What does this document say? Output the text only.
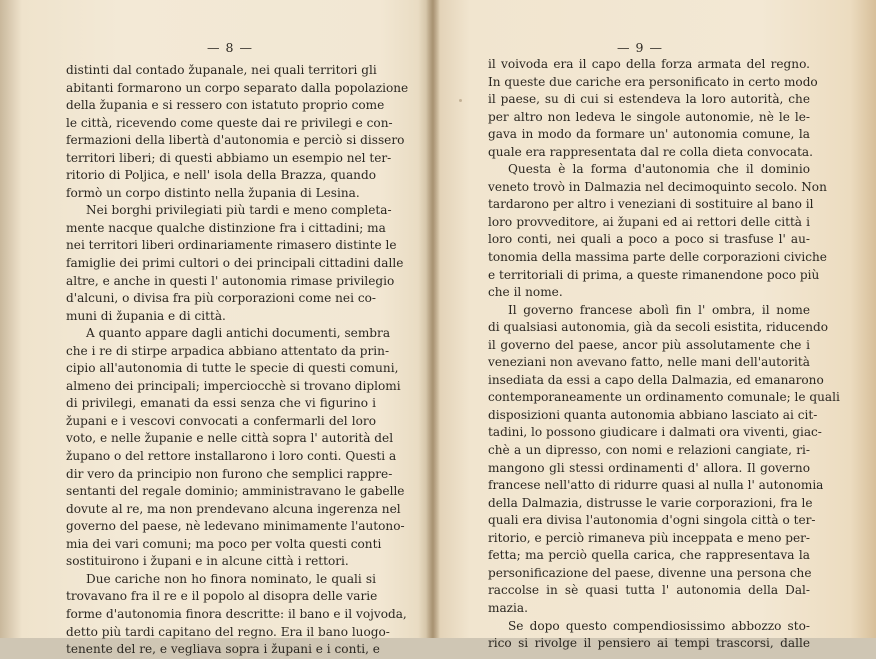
— 8 —
distinti dal contado županale, nei quali territori gli
abitanti formarono un corpo separato dalla popolazione
della župania e si ressero con istatuto proprio come
le città, ricevendo come queste dai re privilegi e con-
fermazioni della libertà d'autonomia e perciò si dissero
territori liberi; di questi abbiamo un esempio nel ter-
ritorio di Poljica, e nell' isola della Brazza, quando
formò un corpo distinto nella župania di Lesina.
Nei borghi privilegiati più tardi e meno completa-
mente nacque qualche distinzione fra i cittadini; ma
nei territori liberi ordinariamente rimasero distinte le
famiglie dei primi cultori o dei principali cittadini dalle
altre, e anche in questi l' autonomia rimase privilegio
d'alcuni, o divisa fra più corporazioni come nei co-
muni di župania e di città.
A quanto appare dagli antichi documenti, sembra
che i re di stirpe arpadica abbiano attentato da prin-
cipio all'autonomia di tutte le specie di questi comuni,
almeno dei principali; imperciocchè si trovano diplomi
di privilegi, emanati da essi senza che vi figurino i
župani e i vescovi convocati a confermarli del loro
voto, e nelle županie e nelle città sopra l' autorità del
župano o del rettore installarono i loro conti. Questi a
dir vero da principio non furono che semplici rappre-
sentanti del regale dominio; amministravano le gabelle
dovute al re, ma non prendevano alcuna ingerenza nel
governo del paese, nè ledevano minimamente l'autono-
mia dei vari comuni; ma poco per volta questi conti
sostituirono i župani e in alcune città i rettori.
Due cariche non ho finora nominato, le quali si
trovavano fra il re e il popolo al disopra delle varie
forme d'autonomia finora descritte: il bano e il vojvoda,
detto più tardi capitano del regno. Era il bano luogo-
tenente del re, e vegliava sopra i župani e i conti, e
— 9 —
il voivoda era il capo della forza armata del regno.
In queste due cariche era personificato in certo modo
il paese, su di cui si estendeva la loro autorità, che
per altro non ledeva le singole autonomie, nè le le-
gava in modo da formare un' autonomia comune, la
quale era rappresentata dal re colla dieta convocata.
Questa è la forma d'autonomia che il dominio
veneto trovò in Dalmazia nel decimoquinto secolo. Non
tardarono per altro i veneziani di sostituire al bano il
loro provveditore, ai župani ed ai rettori delle città i
loro conti, nei quali a poco a poco si trasfuse l' au-
tonomia della massima parte delle corporazioni civiche
e territoriali di prima, a queste rimanendone poco più
che il nome.
Il governo francese abolì fin l' ombra, il nome
di qualsiasi autonomia, già da secoli esistita, riducendo
il governo del paese, ancor più assolutamente che i
veneziani non avevano fatto, nelle mani dell'autorità
insediata da essi a capo della Dalmazia, ed emanarono
contemporaneamente un ordinamento comunale; le quali
disposizioni quanta autonomia abbiano lasciato ai cit-
tadini, lo possono giudicare i dalmati ora viventi, giac-
chè a un dipresso, con nomi e relazioni cangiate, ri-
mangono gli stessi ordinamenti d' allora. Il governo
francese nell'atto di ridurre quasi al nulla l' autonomia
della Dalmazia, distrusse le varie corporazioni, fra le
quali era divisa l'autonomia d'ogni singola città o ter-
ritorio, e perciò rimaneva più inceppata e meno per-
fetta; ma perciò quella carica, che rappresentava la
personificazione del paese, divenne una persona che
raccolse in sè quasi tutta l' autonomia della Dal-
mazia.
Se dopo questo compendiosissimo abbozzo sto-
rico si rivolge il pensiero ai tempi trascorsi, dalle
